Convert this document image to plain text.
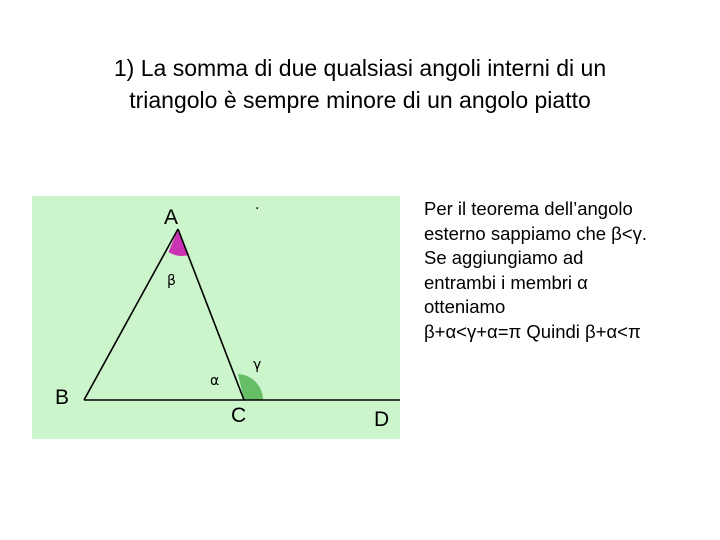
1) La somma di due qualsiasi angoli interni di un
triangolo è sempre minore di un angolo piatto
A
B
C	D
β
α
γ
·	Per il teorema dell’angolo
esterno sappiamo che β<γ.
Se aggiungiamo ad
entrambi i membri α
otteniamo
β+α<γ+α=π Quindi β+α<π
